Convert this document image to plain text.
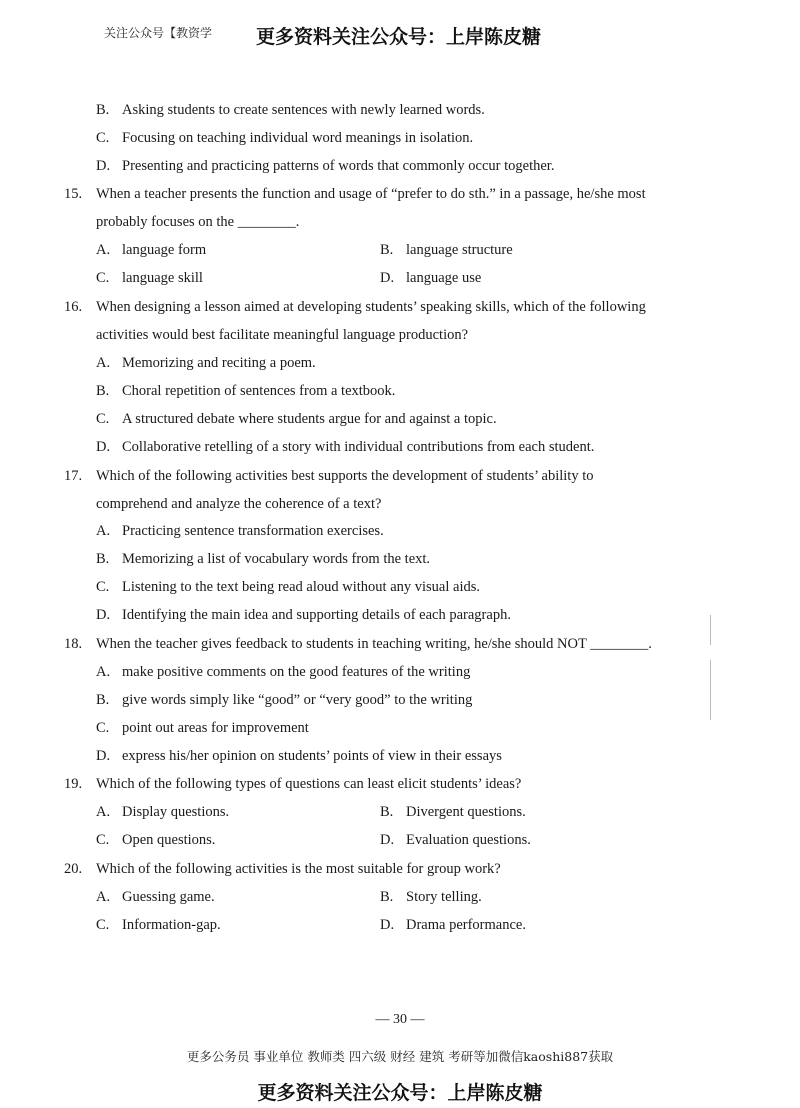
关注公众号【教资学 更多资料关注公众号：上岸陈皮糖
B. Asking students to create sentences with newly learned words.
C. Focusing on teaching individual word meanings in isolation.
D. Presenting and practicing patterns of words that commonly occur together.
15. When a teacher presents the function and usage of “prefer to do sth.” in a passage, he/she most
probably focuses on the ________.
A. language form	B. language structure
C. language skill	D. language use
16. When designing a lesson aimed at developing students’ speaking skills, which of the following
activities would best facilitate meaningful language production?
A. Memorizing and reciting a poem.
B. Choral repetition of sentences from a textbook.
C. A structured debate where students argue for and against a topic.
D. Collaborative retelling of a story with individual contributions from each student.
17. Which of the following activities best supports the development of students’ ability to
comprehend and analyze the coherence of a text?
A. Practicing sentence transformation exercises.
B. Memorizing a list of vocabulary words from the text.
C. Listening to the text being read aloud without any visual aids.
D. Identifying the main idea and supporting details of each paragraph.
18. When the teacher gives feedback to students in teaching writing, he/she should NOT ________.
A. make positive comments on the good features of the writing
B. give words simply like “good” or “very good” to the writing
C. point out areas for improvement
D. express his/her opinion on students’ points of view in their essays
19. Which of the following types of questions can least elicit students’ ideas?
A. Display questions.	B. Divergent questions.
C. Open questions.	D. Evaluation questions.
20. Which of the following activities is the most suitable for group work?
A. Guessing game.	B. Story telling.
C. Information-gap.	D. Drama performance.
— 30 —
更多公务员 事业单位 教师类 四六级 财经 建筑 考研等加微信kaoshi887获取
更多资料关注公众号：上岸陈皮糖
